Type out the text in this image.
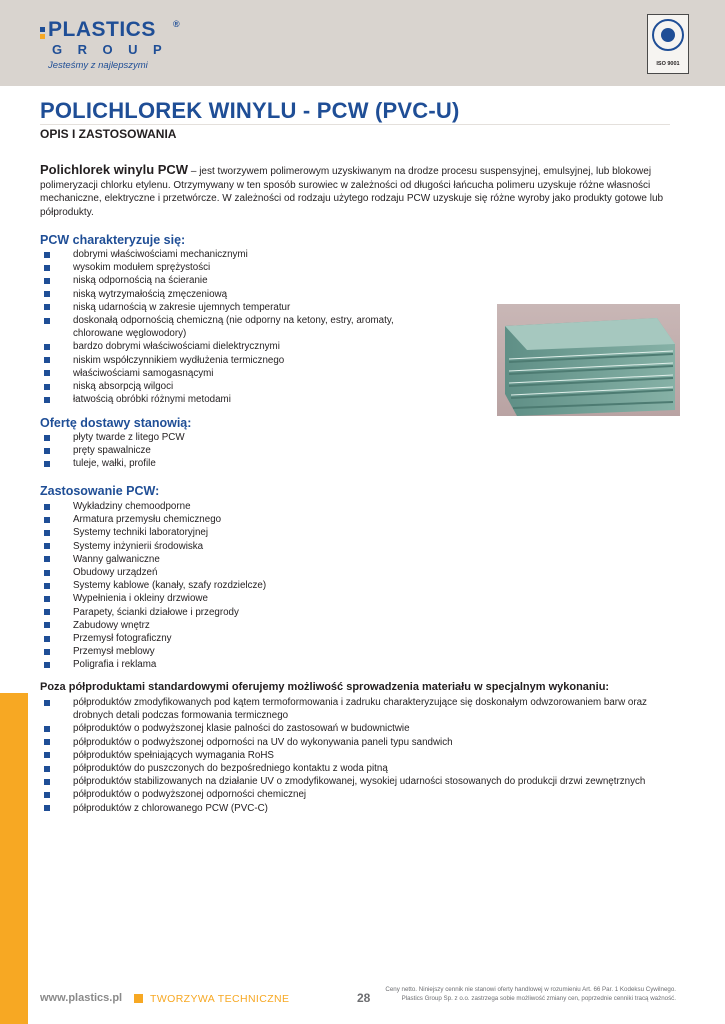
PLASTICS ®
GROUP
Jesteśmy z najlepszymi	ISO 9001
POLICHLOREK WINYLU - PCW (PVC-U)
OPIS I ZASTOSOWANIA

Polichlorek winylu PCW – jest tworzywem polimerowym uzyskiwanym na drodze procesu suspensyjnej, emulsyjnej, lub blokowej polimeryzacji chlorku etylenu. Otrzymywany w ten sposób surowiec w zależności od długości łańcucha polimeru uzyskuje różne własności mechaniczne, elektryczne i przetwórcze. W zależności od rodzaju użytego rodzaju PCW uzyskuje się różne wyroby jako produkty gotowe lub półprodukty.

PCW charakteryzuje się:
dobrymi właściwościami mechanicznymi
wysokim modułem sprężystości
niską odpornością na ścieranie
niską wytrzymałością zmęczeniową
niską udarnością w zakresie ujemnych temperatur
doskonałą odpornością chemiczną (nie odporny na ketony, estry, aromaty, chlorowane węglowodory)
bardzo dobrymi właściwościami dielektrycznymi
niskim współczynnikiem wydłużenia termicznego
właściwościami samogasnącymi
niską absorpcją wilgoci
łatwością obróbki różnymi metodami
Ofertę dostawy stanowią:
płyty twarde z litego PCW
pręty spawalnicze
tuleje, wałki, profile
Zastosowanie PCW:
Wykładziny chemoodporne
Armatura przemysłu chemicznego
Systemy techniki laboratoryjnej
Systemy inżynierii środowiska
Wanny galwaniczne
Obudowy urządzeń
Systemy kablowe (kanały, szafy rozdzielcze)
Wypełnienia i okleiny drzwiowe
Parapety, ścianki działowe i przegrody
Zabudowy wnętrz
Przemysł fotograficzny
Przemysł meblowy
Poligrafia i reklama
Poza półproduktami standardowymi oferujemy możliwość sprowadzenia materiału w specjalnym wykonaniu:
półproduktów zmodyfikowanych pod kątem termoformowania i zadruku charakteryzujące się doskonałym odwzorowaniem barw oraz drobnych detali podczas formowania termicznego
półproduktów o podwyższonej klasie palności do zastosowań w budownictwie
półproduktów o podwyższonej odporności na UV do wykonywania paneli typu sandwich
półproduktów spełniających wymagania RoHS
półproduktów do puszczonych do bezpośredniego kontaktu z woda pitną
półproduktów stabilizowanych na działanie UV o zmodyfikowanej, wysokiej udarności stosowanych do produkcji drzwi zewnętrznych
półproduktów o podwyższonej odporności chemicznej
półproduktów z chlorowanego PCW (PVC-C)
www.plastics.pl	TWORZYWA TECHNICZNE	28
Ceny netto. Niniejszy cennik nie stanowi oferty handlowej w rozumieniu Art. 66 Par. 1 Kodeksu Cywilnego.
Plastics Group Sp. z o.o. zastrzega sobie możliwość zmiany cen, poprzednie cenniki tracą ważność.
